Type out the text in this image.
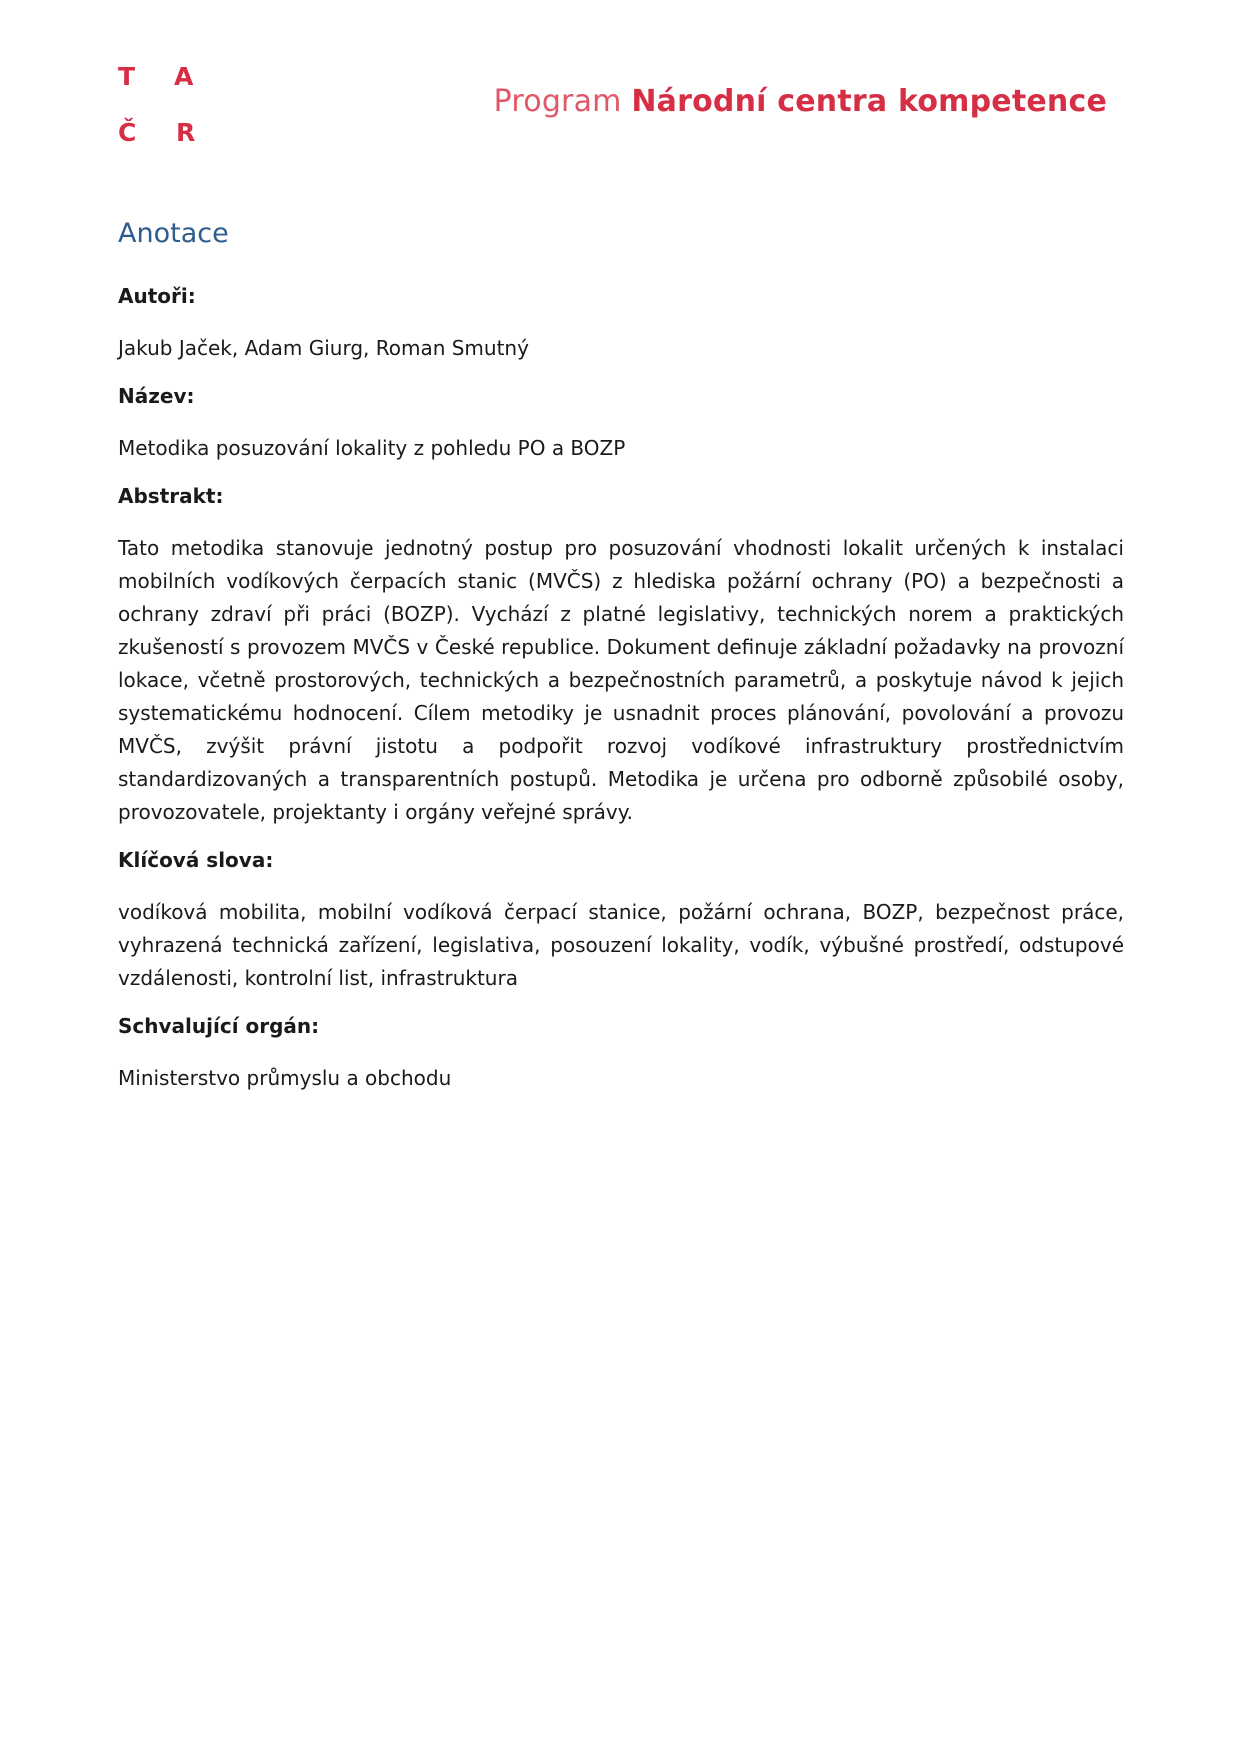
T A
Č R
Program Národní centra kompetence
Anotace

Autoři:

Jakub Jaček, Adam Giurg, Roman Smutný

Název:

Metodika posuzování lokality z pohledu PO a BOZP

Abstrakt:

Tato metodika stanovuje jednotný postup pro posuzování vhodnosti lokalit určených k instalaci mobilních vodíkových čerpacích stanic (MVČS) z hlediska požární ochrany (PO) a bezpečnosti a ochrany zdraví při práci (BOZP). Vychází z platné legislativy, technických norem a praktických zkušeností s provozem MVČS v České republice. Dokument definuje základní požadavky na provozní lokace, včetně prostorových, technických a bezpečnostních parametrů, a poskytuje návod k jejich systematickému hodnocení. Cílem metodiky je usnadnit proces plánování, povolování a provozu MVČS, zvýšit právní jistotu a podpořit rozvoj vodíkové infrastruktury prostřednictvím standardizovaných a transparentních postupů. Metodika je určena pro odborně způsobilé osoby, provozovatele, projektanty i orgány veřejné správy.

Klíčová slova:

vodíková mobilita, mobilní vodíková čerpací stanice, požární ochrana, BOZP, bezpečnost práce, vyhrazená technická zařízení, legislativa, posouzení lokality, vodík, výbušné prostředí, odstupové vzdálenosti, kontrolní list, infrastruktura

Schvalující orgán:

Ministerstvo průmyslu a obchodu
